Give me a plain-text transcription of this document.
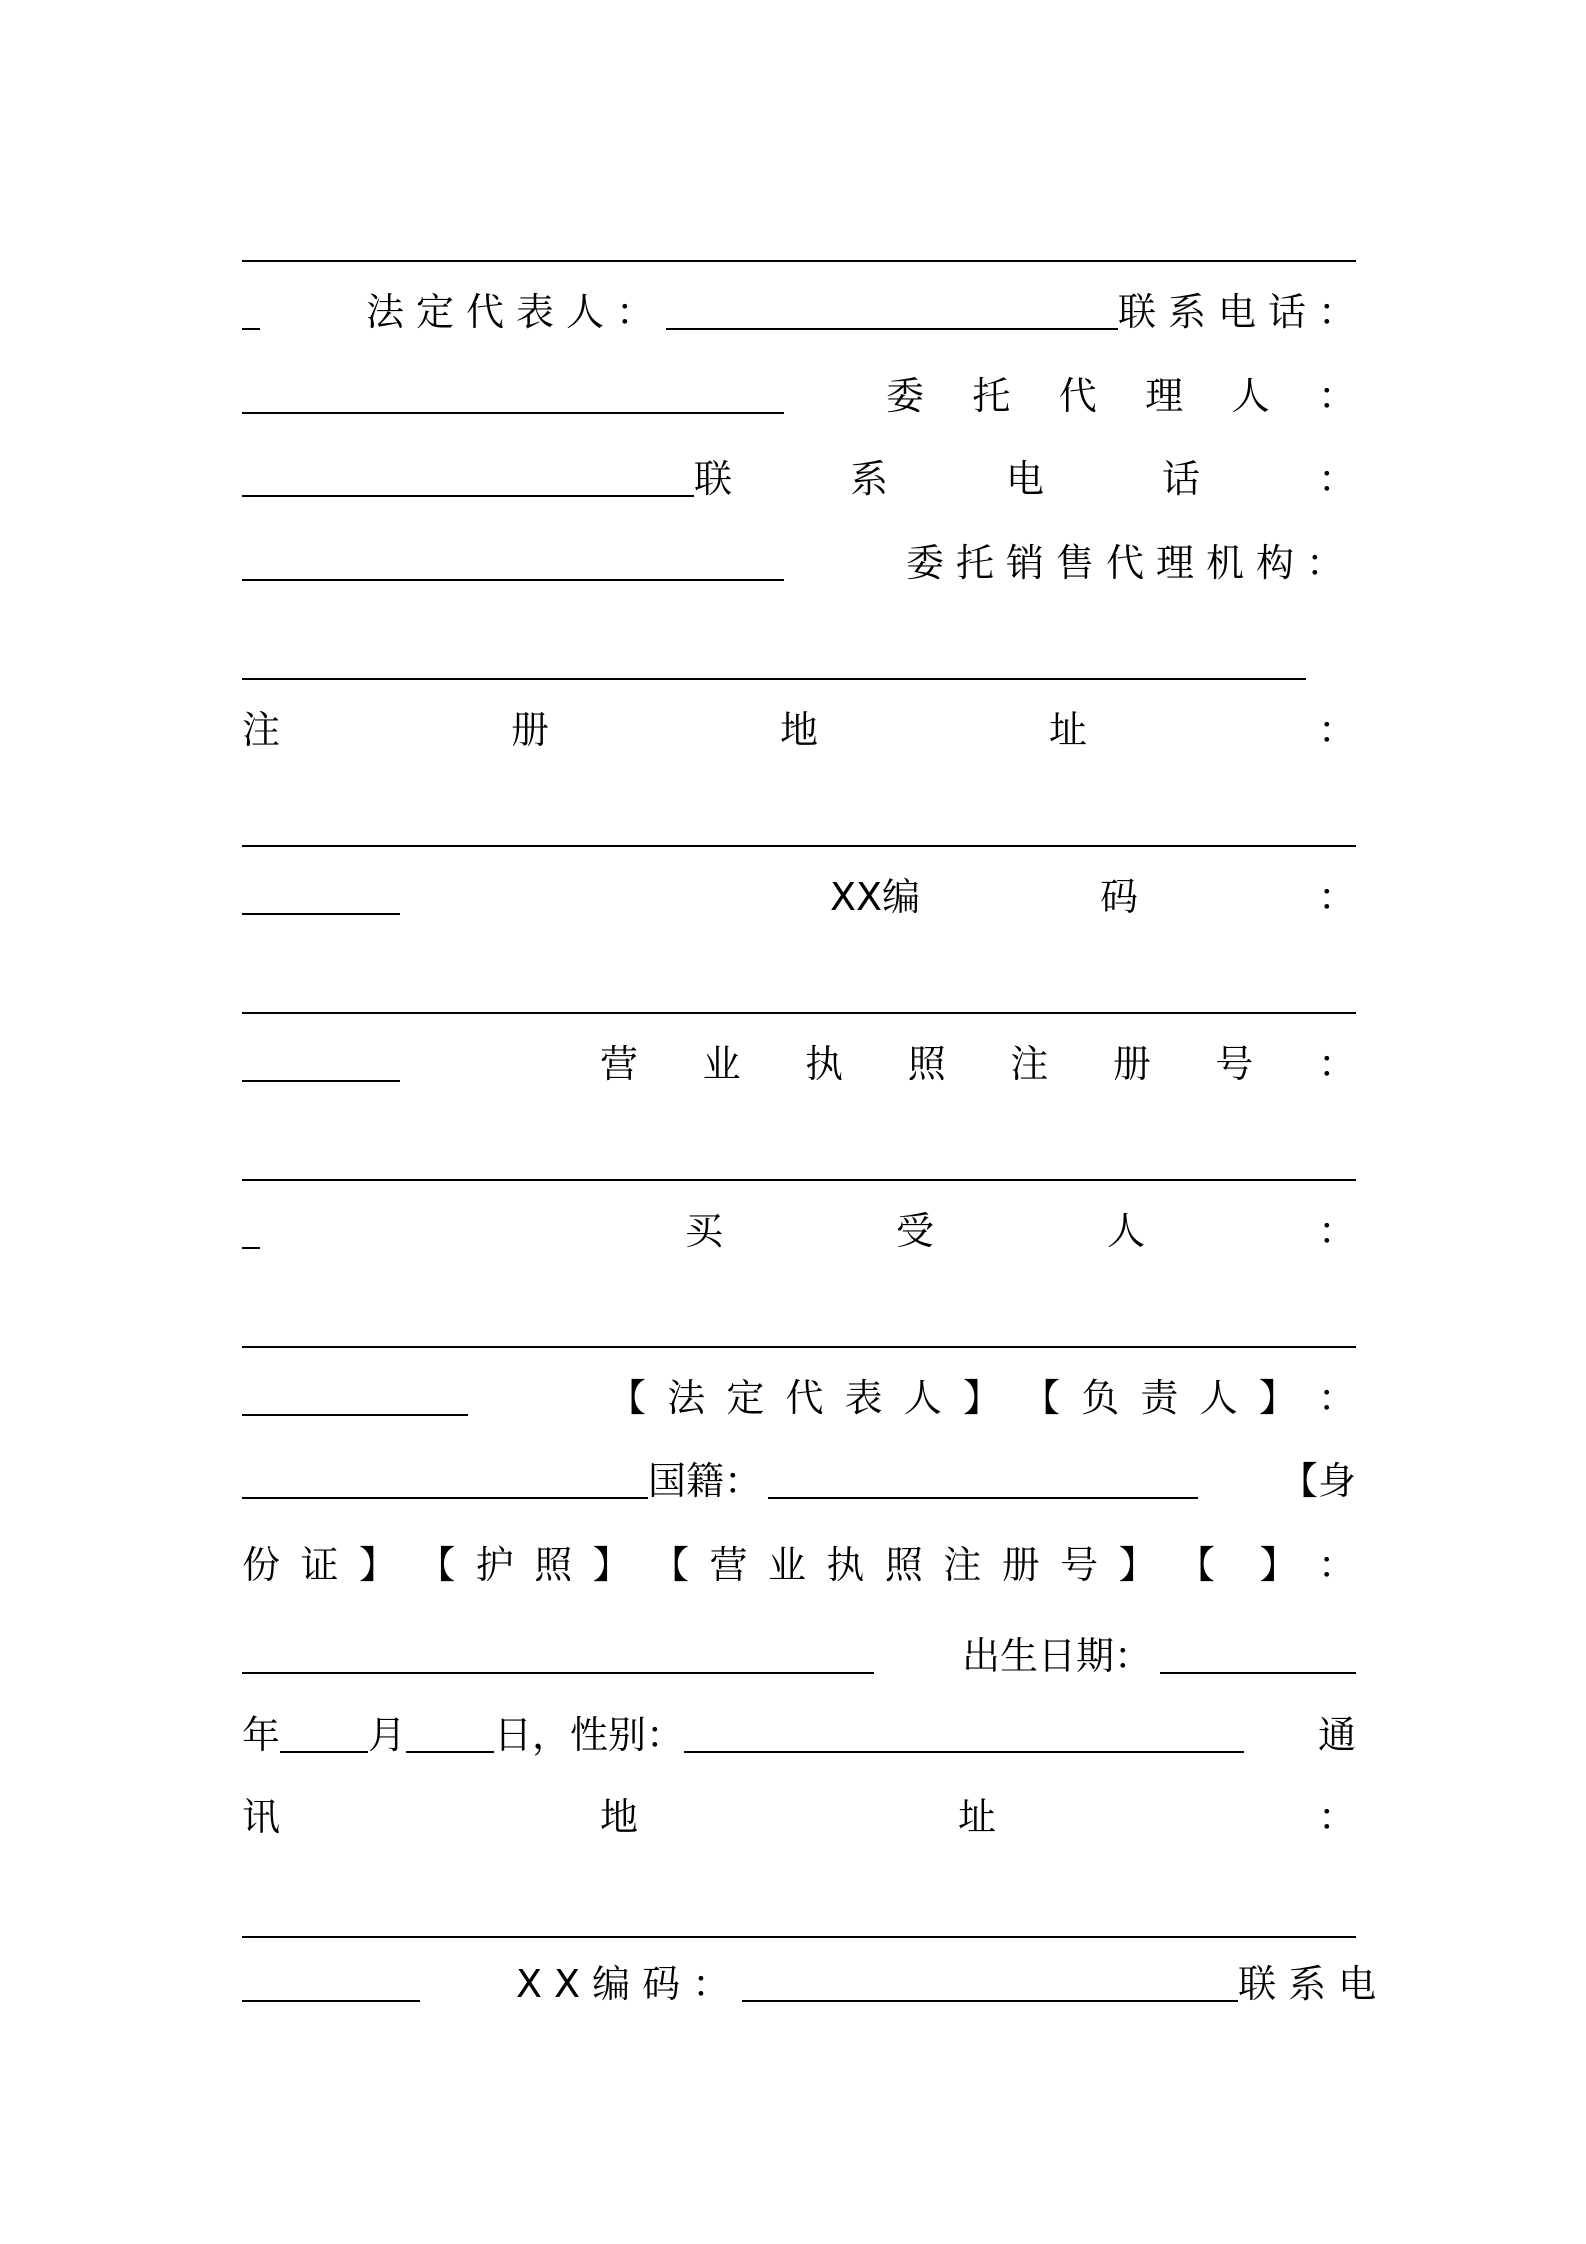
法定代表人：	联系电话：
委 托 代 理 人 ：
联	系	电	话	：
委托销售代理机构：
注	册	地	址	：
XX编	码	：
营 业 执 照 注 册 号 ：
买	受	人	：
【 法 定 代 表 人 】 【 负 责 人 】 ：
国籍：	【身
份 证 】 【 护 照 】 【 营 业 执 照 注 册 号 】 【 】 ：
出生日期：
年 月 日，性别：	通
讯	地	址	：
XX编码：	联系电
